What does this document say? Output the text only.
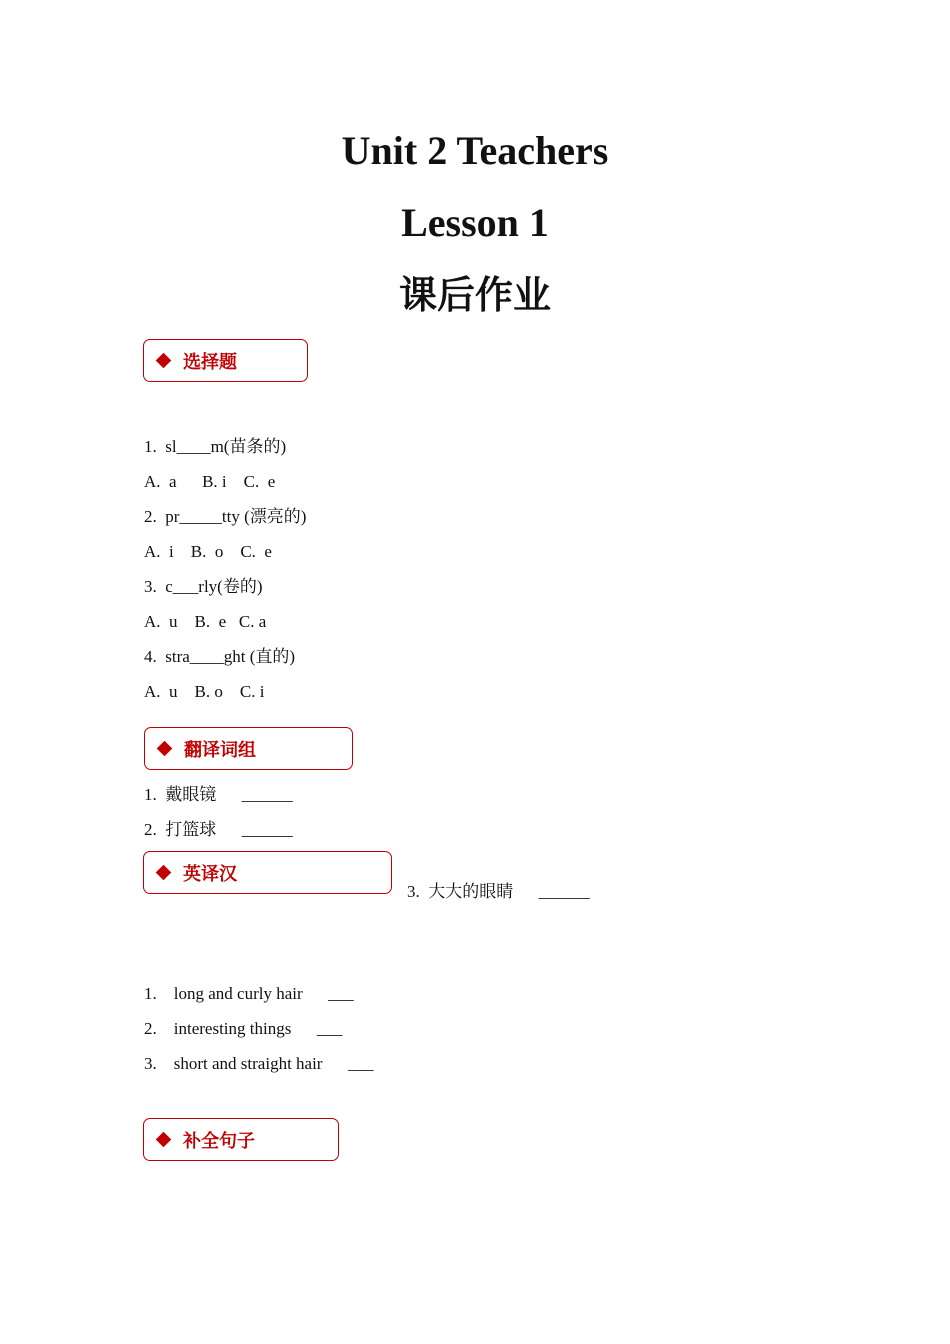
Unit 2 Teachers
Lesson 1
课后作业
选择题
1.  sl____m(苗条的)
A.  a      B. i    C.  e
2.  pr_____tty (漂亮的)
A.  i    B.  o    C.  e
3.  c___rly(卷的)
A.  u    B.  e   C. a
4.  stra____ght (直的)
A.  u    B. o    C. i
翻译词组
1.  戴眼镜      ______
2.  打篮球      ______
英译汉
3.  大大的眼睛      ______
1.    long and curly hair      ___
2.    interesting things      ___
3.    short and straight hair      ___
补全句子
